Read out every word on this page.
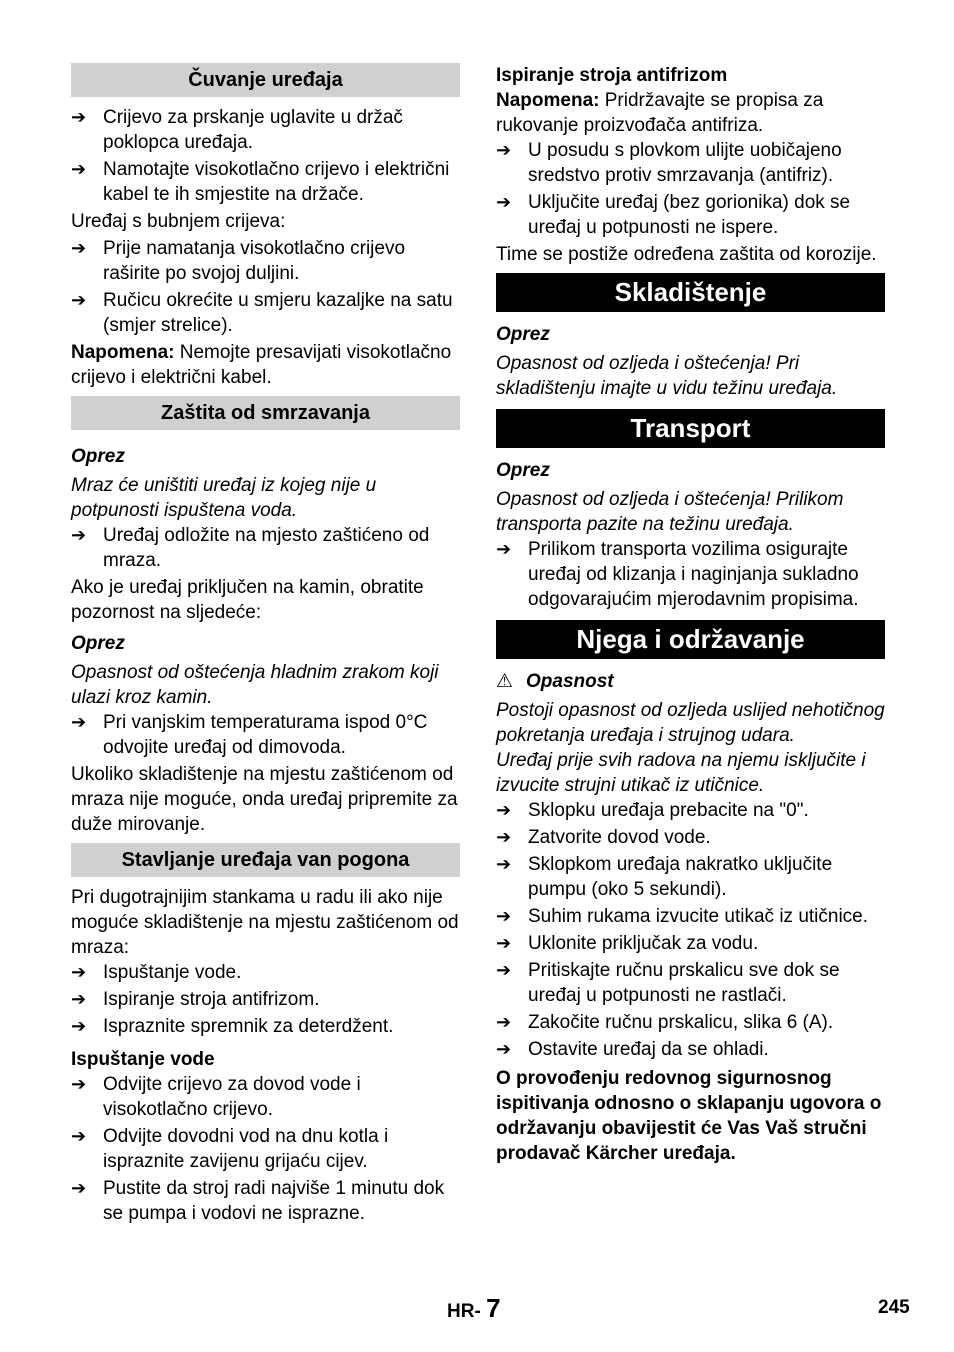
Čuvanje uređaja
➔ Crijevo za prskanje uglavite u držač poklopca uređaja.
➔ Namotajte visokotlačno crijevo i električni kabel te ih smjestite na držače.

Uređaj s bubnjem crijeva:

➔ Prije namatanja visokotlačno crijevo raširite po svojoj duljini.
➔ Ručicu okrećite u smjeru kazaljke na satu (smjer strelice).

Napomena: Nemojte presavijati visokotlačno crijevo i električni kabel.

Zaštita od smrzavanja

Oprez

Mraz će uništiti uređaj iz kojeg nije u potpunosti ispuštena voda.

➔ Uređaj odložite na mjesto zaštićeno od mraza.

Ako je uređaj priključen na kamin, obratite pozornost na sljedeće:

Oprez

Opasnost od oštećenja hladnim zrakom koji ulazi kroz kamin.

➔ Pri vanjskim temperaturama ispod 0°C odvojite uređaj od dimovoda.

Ukoliko skladištenje na mjestu zaštićenom od mraza nije moguće, onda uređaj pripremite za duže mirovanje.

Stavljanje uređaja van pogona

Pri dugotrajnijim stankama u radu ili ako nije moguće skladištenje na mjestu zaštićenom od mraza:

➔ Ispuštanje vode.
➔ Ispiranje stroja antifrizom.
➔ Ispraznite spremnik za deterdžent.

Ispuštanje vode

➔ Odvijte crijevo za dovod vode i visokotlačno crijevo.
➔ Odvijte dovodni vod na dnu kotla i ispraznite zavijenu grijaću cijev.
➔ Pustite da stroj radi najviše 1 minutu dok se pumpa i vodovi ne isprazne.

Ispiranje stroja antifrizom

Napomena: Pridržavajte se propisa za rukovanje proizvođača antifriza.

➔ U posudu s plovkom ulijte uobičajeno sredstvo protiv smrzavanja (antifriz).
➔ Uključite uređaj (bez gorionika) dok se uređaj u potpunosti ne ispere.

Time se postiže određena zaštita od korozije.

Skladištenje

Oprez

Opasnost od ozljeda i oštećenja! Pri skladištenju imajte u vidu težinu uređaja.

Transport

Oprez

Opasnost od ozljeda i oštećenja! Prilikom transporta pazite na težinu uređaja.

➔ Prilikom transporta vozilima osigurajte uređaj od klizanja i naginjanja sukladno odgovarajućim mjerodavnim propisima.
Njega i održavanje

⚠ Opasnost

Postoji opasnost od ozljeda uslijed nehotičnog pokretanja uređaja i strujnog udara.

Uređaj prije svih radova na njemu isključite i izvucite strujni utikač iz utičnice.

➔ Sklopku uređaja prebacite na "0".
➔ Zatvorite dovod vode.
➔ Sklopkom uređaja nakratko uključite pumpu (oko 5 sekundi).
➔ Suhim rukama izvucite utikač iz utičnice.
➔ Uklonite priključak za vodu.
➔ Pritiskajte ručnu prskalicu sve dok se uređaj u potpunosti ne rastlači.
➔ Zakočite ručnu prskalicu, slika 6 (A).
➔ Ostavite uređaj da se ohladi.

O provođenju redovnog sigurnosnog ispitivanja odnosno o sklapanju ugovora o održavanju obavijestit će Vas Vaš stručni prodavač Kärcher uređaja.

HR- 7	245
